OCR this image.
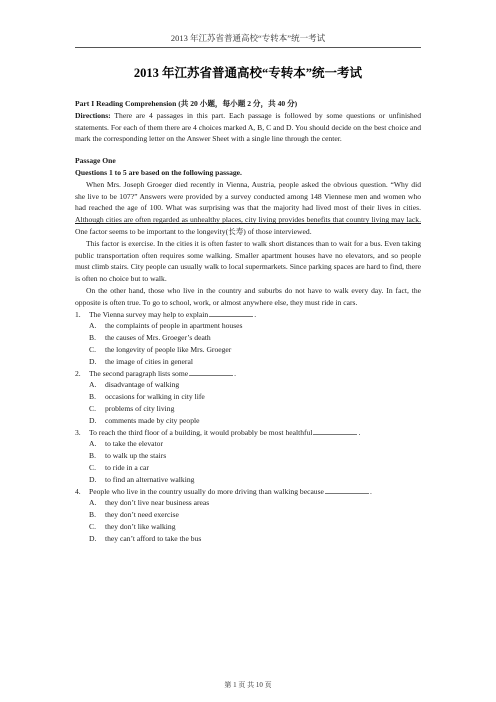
2013 年江苏省普通高校“专转本”统一考试
2013 年江苏省普通高校“专转本”统一考试

Part I Reading Comprehension (共 20 小题，每小题 2 分，共 40 分)

Directions: There are 4 passages in this part. Each passage is followed by some questions or unfinished statements. For each of them there are 4 choices marked A, B, C and D. You should decide on the best choice and mark the corresponding letter on the Answer Sheet with a single line through the center.

Passage One

Questions 1 to 5 are based on the following passage.

When Mrs. Joseph Groeger died recently in Vienna, Austria, people asked the obvious question. “Why did she live to be 107?” Answers were provided by a survey conducted among 148 Viennese men and women who had reached the age of 100. What was surprising was that the majority had lived most of their lives in cities. Although cities are often regarded as unhealthy places, city living provides benefits that country living may lack. One factor seems to be important to the longevity(长寿) of those interviewed.

This factor is exercise. In the cities it is often faster to walk short distances than to wait for a bus. Even taking public transportation often requires some walking. Smaller apartment houses have no elevators, and so people must climb stairs. City people can usually walk to local supermarkets. Since parking spaces are hard to find, there is often no choice but to walk.

On the other hand, those who live in the country and suburbs do not have to walk every day. In fact, the opposite is often true. To go to school, work, or almost anywhere else, they must ride in cars.

1. The Vienna survey may help to explain	.

A. the complaints of people in apartment houses

B. the causes of Mrs. Groeger’s death

C. the longevity of people like Mrs. Groeger

D. the image of cities in general

2. The second paragraph lists some	.

A. disadvantage of walking

B. occasions for walking in city life

C. problems of city living

D. comments made by city people

3. To reach the third floor of a building, it would probably be most healthful	.

A. to take the elevator

B. to walk up the stairs

C. to ride in a car

D. to find an alternative walking

4. People who live in the country usually do more driving than walking because	.

A. they don’t live near business areas

B. they don’t need exercise

C. they don’t like walking

D. they can’t afford to take the bus

第 1 页 共 10 页
